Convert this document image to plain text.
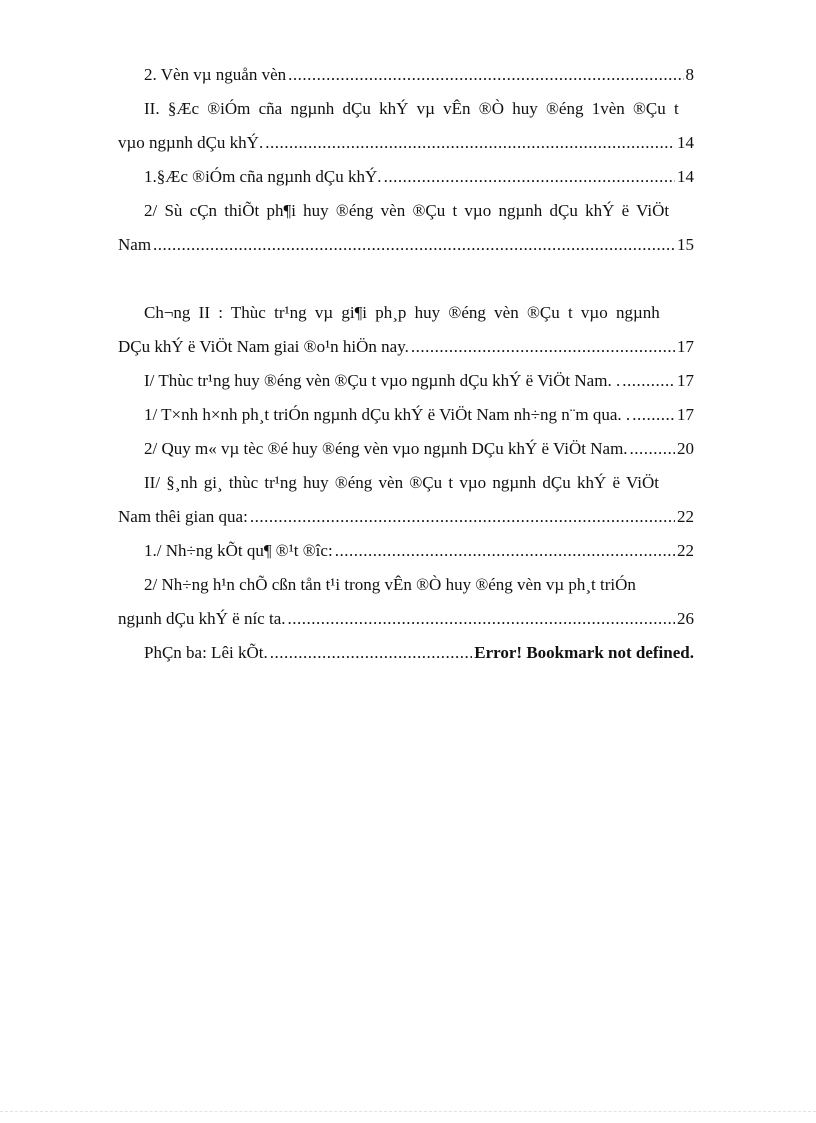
2. Vèn vµ nguån vèn .....	8
II. §Æc ®iÓm cña ngµnh dÇu khÝ vµ vÊn ®Ò huy ®éng 1vèn ®Çu t
vµo ngµnh dÇu khÝ. .....	14
1.§Æc ®iÓm cña ngµnh dÇu khÝ. .....	14
2/ Sù cÇn thiÕt ph¶i huy ®éng vèn ®Çu t vµo ngµnh dÇu khÝ ë ViÖt
Nam .....	15
Ch¬ng II : Thùc tr¹ng vµ gi¶i ph¸p huy ®éng vèn ®Çu t vµo ngµnh
DÇu khÝ ë ViÖt Nam giai ®o¹n hiÖn nay. .....	17
I/ Thùc tr¹ng huy ®éng vèn ®Çu t vµo ngµnh dÇu khÝ ë ViÖt Nam. . .....	17
1/ T×nh h×nh ph¸t triÓn ngµnh dÇu khÝ ë ViÖt Nam nh÷ng n¨m qua. . .....	17
2/ Quy m« vµ tèc ®é huy ®éng vèn vµo ngµnh DÇu khÝ ë ViÖt Nam. .....	20
II/ §¸nh gi¸ thùc tr¹ng huy ®éng vèn ®Çu t vµo ngµnh dÇu khÝ ë ViÖt
Nam thêi gian qua: .....	22
1./ Nh÷ng kÕt qu¶ ®¹t ®îc: .....	22
2/ Nh÷ng h¹n chÕ cßn tån t¹i trong vÊn ®Ò huy ®éng vèn vµ ph¸t triÓn
ngµnh dÇu khÝ ë níc ta. .....	26
PhÇn ba: Lêi kÕt. .....	Error! Bookmark not defined.
